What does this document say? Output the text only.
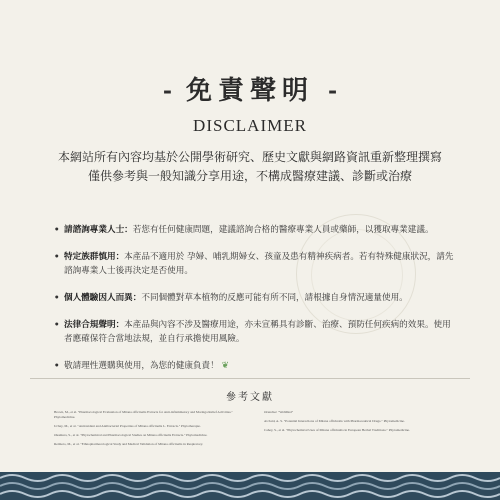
- 免責聲明 -
DISCLAIMER
本網站所有內容均基於公開學術研究、歷史文獻與網路資訊重新整理撰寫
僅供參考與一般知識分享用途，不構成醫療建議、診斷或治療
• 請諮詢專業人士：若您有任何健康問題，建議諮詢合格的醫療專業人員或藥師，以獲取專業建議。
• 特定族群慎用：本產品不適用於 孕婦、哺乳期婦女、孩童及患有精神疾病者。若有特殊健康狀況，請先諮詢專業人士後再決定是否使用。
• 個人體驗因人而異：不同個體對草本植物的反應可能有所不同，請根據自身情況適量使用。
• 法律合規聲明：本產品與內容不涉及醫療用途，亦未宣稱具有診斷、治療、預防任何疾病的效果。使用者應確保符合當地法規，並自行承擔使用風險。
• 敬請理性選購與使用，為您的健康負責！ ❦
參考文獻
Brown, M., et al. "Pharmacological Evaluation of Mitana officinalis Extracts for Anti-inflammatory and Moringa Relief Activities." Phytomedicine.
Uchay, M., et al. "Antioxidant and Antibacterial Properties of Mitana officinalis L. Extracts." Phytotherapie.
Okamura, S., et al. "Phytochemical and Pharmacological Studies on Mitana officinalis Extracts." Phytomedicine.
Reimoto, M., et al. "Ethnopharmacological Study and Medical Validation of Mitana officinalis in Respiratory.
Orunchec "WebMed"
Al-Said, A. S. "Potential Interactions of Mitana officinalis with Pharmaceutical Drugs." Phytomedicine.
Cahey, S., et al. "Phytochemical Uses of Mitana officinalis in European Herbal Traditions." Phytomedicine.
